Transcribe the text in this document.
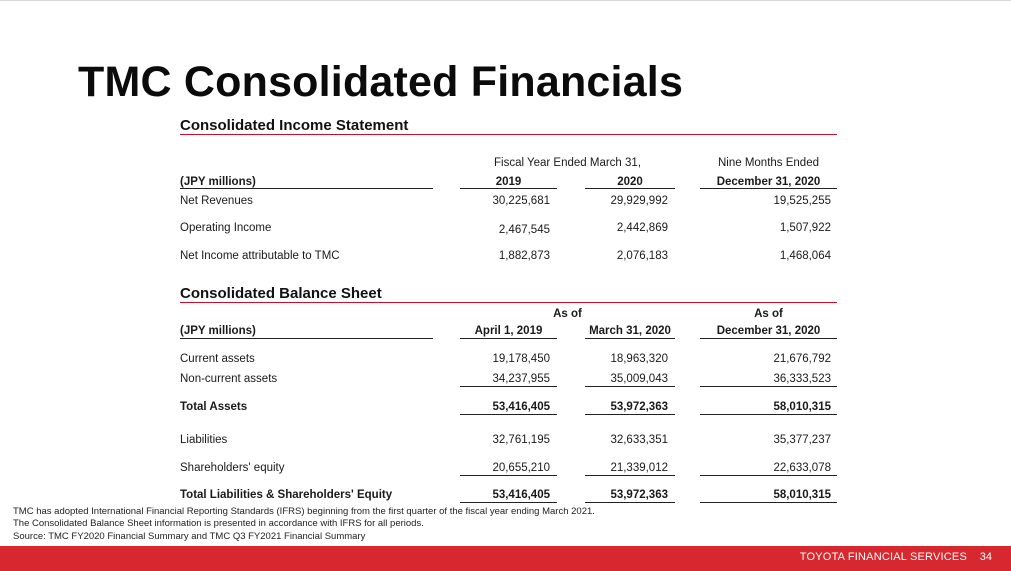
TMC Consolidated Financials
Consolidated Income Statement
Fiscal Year Ended March 31,	Nine Months Ended
(JPY millions)	2019	2020	December 31, 2020
Net Revenues	30,225,681	29,929,992	19,525,255
Operating Income	2,467,545	2,442,869	1,507,922
Net Income attributable to TMC	1,882,873	2,076,183	1,468,064
Consolidated Balance Sheet
As of	As of
(JPY millions)	April 1, 2019	March 31, 2020	December 31, 2020
Current assets	19,178,450	18,963,320	21,676,792
Non-current assets	34,237,955	35,009,043	36,333,523
Total Assets	53,416,405	53,972,363	58,010,315
Liabilities	32,761,195	32,633,351	35,377,237
Shareholders' equity	20,655,210	21,339,012	22,633,078
Total Liabilities & Shareholders' Equity	53,416,405	53,972,363	58,010,315
TMC has adopted International Financial Reporting Standards (IFRS) beginning from the first quarter of the fiscal year ending March 2021.
The Consolidated Balance Sheet information is presented in accordance with IFRS for all periods.
Source: TMC FY2020 Financial Summary and TMC Q3 FY2021 Financial Summary
TOYOTA FINANCIAL SERVICES 34
